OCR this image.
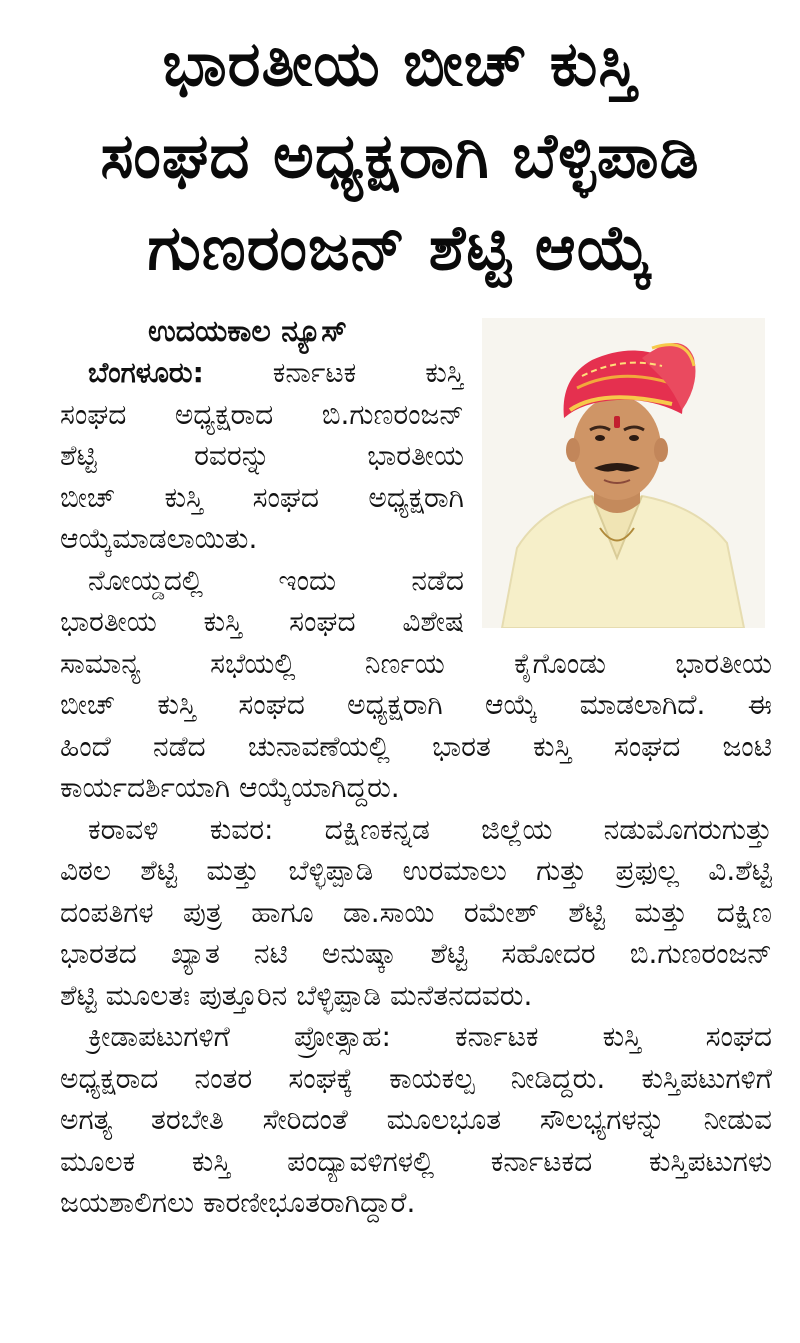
ಭಾರತೀಯ ಬೀಚ್ ಕುಸ್ತಿ
ಸಂಘದ ಅಧ್ಯಕ್ಷರಾಗಿ ಬೆಳ್ಳಿಪಾಡಿ
ಗುಣರಂಜನ್ ಶೆಟ್ಟಿ ಆಯ್ಕೆ
ಉದಯಕಾಲ ನ್ಯೂಸ್
 ಬೆಂಗಳೂರು: ಕರ್ನಾಟಕ ಕುಸ್ತಿ
ಸಂಘದ ಅಧ್ಯಕ್ಷರಾದ ಬಿ.ಗುಣರಂಜನ್
ಶೆಟ್ಟಿ ರವರನ್ನು ಭಾರತೀಯ
ಬೀಚ್ ಕುಸ್ತಿ ಸಂಘದ ಅಧ್ಯಕ್ಷರಾಗಿ
ಆಯ್ಕೆಮಾಡಲಾಯಿತು.
 ನೋಯ್ಡದಲ್ಲಿ ಇಂದು ನಡೆದ
ಭಾರತೀಯ ಕುಸ್ತಿ ಸಂಘದ ವಿಶೇಷ
ಸಾಮಾನ್ಯ ಸಭೆಯಲ್ಲಿ ನಿರ್ಣಯ ಕೈಗೊಂಡು ಭಾರತೀಯ
ಬೀಚ್ ಕುಸ್ತಿ ಸಂಘದ ಅಧ್ಯಕ್ಷರಾಗಿ ಆಯ್ಕೆ ಮಾಡಲಾಗಿದೆ. ಈ
ಹಿಂದೆ ನಡೆದ ಚುನಾವಣೆಯಲ್ಲಿ ಭಾರತ ಕುಸ್ತಿ ಸಂಘದ ಜಂಟಿ
ಕಾರ್ಯದರ್ಶಿಯಾಗಿ ಆಯ್ಕೆಯಾಗಿದ್ದರು.
 ಕರಾವಳಿ ಕುವರ: ದಕ್ಷಿಣಕನ್ನಡ ಜಿಲ್ಲೆಯ ನಡುಮೊಗರುಗುತ್ತು
ವಿಠಲ ಶೆಟ್ಟಿ ಮತ್ತು ಬೆಳ್ಳಿಪ್ಪಾಡಿ ಉರಮಾಲು ಗುತ್ತು ಪ್ರಫುಲ್ಲ ವಿ.ಶೆಟ್ಟಿ
ದಂಪತಿಗಳ ಪುತ್ರ ಹಾಗೂ ಡಾ.ಸಾಯಿ ರಮೇಶ್ ಶೆಟ್ಟಿ ಮತ್ತು ದಕ್ಷಿಣ
ಭಾರತದ ಖ್ಯಾತ ನಟಿ ಅನುಷ್ಕಾ ಶೆಟ್ಟಿ ಸಹೋದರ ಬಿ.ಗುಣರಂಜನ್
ಶೆಟ್ಟಿ ಮೂಲತಃ ಪುತ್ತೂರಿನ ಬೆಳ್ಳಿಪ್ಪಾಡಿ ಮನೆತನದವರು.
 ಕ್ರೀಡಾಪಟುಗಳಿಗೆ ಪ್ರೋತ್ಸಾಹ: ಕರ್ನಾಟಕ ಕುಸ್ತಿ ಸಂಘದ
ಅಧ್ಯಕ್ಷರಾದ ನಂತರ ಸಂಘಕ್ಕೆ ಕಾಯಕಲ್ಪ ನೀಡಿದ್ದರು. ಕುಸ್ತಿಪಟುಗಳಿಗೆ
ಅಗತ್ಯ ತರಬೇತಿ ಸೇರಿದಂತೆ ಮೂಲಭೂತ ಸೌಲಭ್ಯಗಳನ್ನು ನೀಡುವ
ಮೂಲಕ ಕುಸ್ತಿ ಪಂದ್ಯಾವಳಿಗಳಲ್ಲಿ ಕರ್ನಾಟಕದ ಕುಸ್ತಿಪಟುಗಳು
ಜಯಶಾಲಿಗಲು ಕಾರಣೀಭೂತರಾಗಿದ್ದಾರೆ.
